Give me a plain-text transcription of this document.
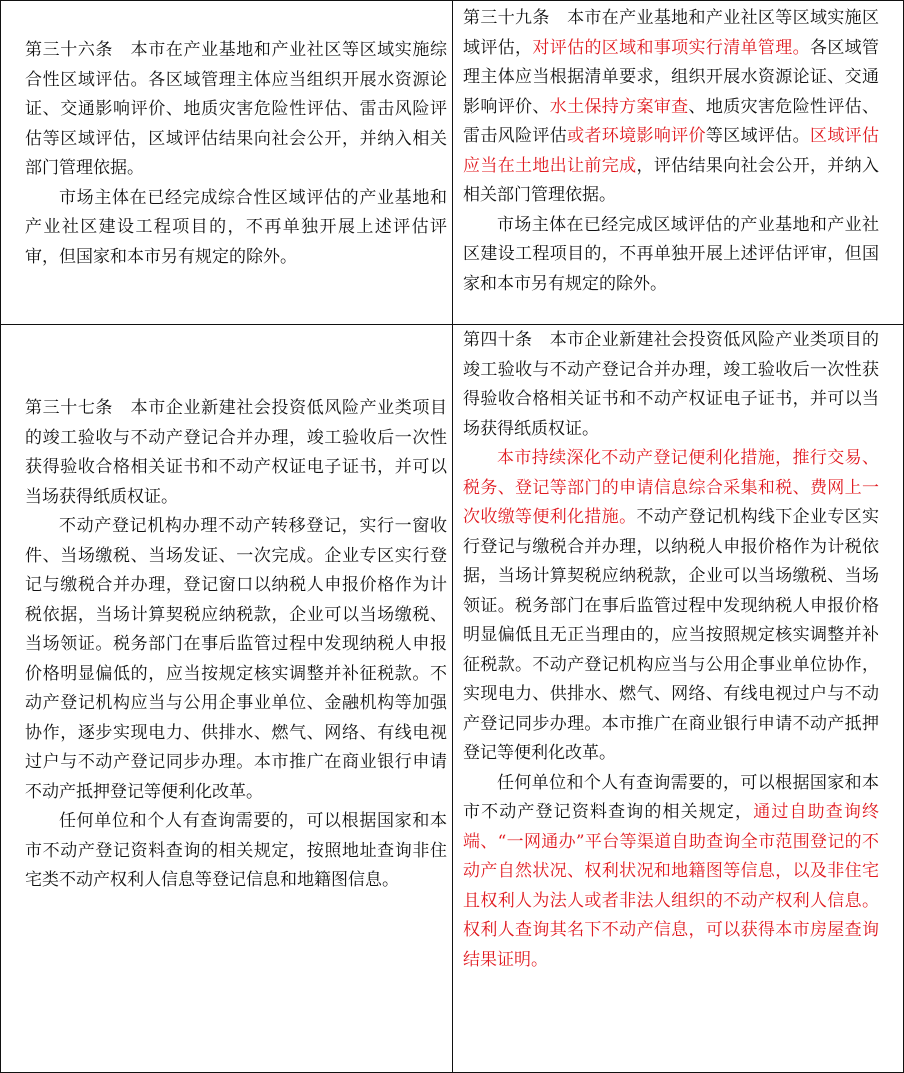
第三十六条　本市在产业基地和产业社区等区域实施综合性区域评估。各区域管理主体应当组织开展水资源论证、交通影响评价、地质灾害危险性评估、雷击风险评估等区域评估，区域评估结果向社会公开，并纳入相关部门管理依据。

市场主体在已经完成综合性区域评估的产业基地和产业社区建设工程项目的，不再单独开展上述评估评审，但国家和本市另有规定的除外。

第三十九条　本市在产业基地和产业社区等区域实施区域评估，对评估的区域和事项实行清单管理。各区域管理主体应当根据清单要求，组织开展水资源论证、交通影响评价、水土保持方案审查、地质灾害危险性评估、雷击风险评估或者环境影响评价等区域评估。区域评估应当在土地出让前完成，评估结果向社会公开，并纳入相关部门管理依据。

市场主体在已经完成区域评估的产业基地和产业社区建设工程项目的，不再单独开展上述评估评审，但国家和本市另有规定的除外。

第三十七条　本市企业新建社会投资低风险产业类项目的竣工验收与不动产登记合并办理，竣工验收后一次性获得验收合格相关证书和不动产权证电子证书，并可以当场获得纸质权证。

不动产登记机构办理不动产转移登记，实行一窗收件、当场缴税、当场发证、一次完成。企业专区实行登记与缴税合并办理，登记窗口以纳税人申报价格作为计税依据，当场计算契税应纳税款，企业可以当场缴税、当场领证。税务部门在事后监管过程中发现纳税人申报价格明显偏低的，应当按规定核实调整并补征税款。不动产登记机构应当与公用企事业单位、金融机构等加强协作，逐步实现电力、供排水、燃气、网络、有线电视过户与不动产登记同步办理。本市推广在商业银行申请不动产抵押登记等便利化改革。

任何单位和个人有查询需要的，可以根据国家和本市不动产登记资料查询的相关规定，按照地址查询非住宅类不动产权利人信息等登记信息和地籍图信息。

第四十条　本市企业新建社会投资低风险产业类项目的竣工验收与不动产登记合并办理，竣工验收后一次性获得验收合格相关证书和不动产权证电子证书，并可以当场获得纸质权证。

本市持续深化不动产登记便利化措施，推行交易、税务、登记等部门的申请信息综合采集和税、费网上一次收缴等便利化措施。不动产登记机构线下企业专区实行登记与缴税合并办理，以纳税人申报价格作为计税依据，当场计算契税应纳税款，企业可以当场缴税、当场领证。税务部门在事后监管过程中发现纳税人申报价格明显偏低且无正当理由的，应当按照规定核实调整并补征税款。不动产登记机构应当与公用企事业单位协作，实现电力、供排水、燃气、网络、有线电视过户与不动产登记同步办理。本市推广在商业银行申请不动产抵押登记等便利化改革。

任何单位和个人有查询需要的，可以根据国家和本市不动产登记资料查询的相关规定，通过自助查询终端、“一网通办”平台等渠道自助查询全市范围登记的不动产自然状况、权利状况和地籍图等信息，以及非住宅且权利人为法人或者非法人组织的不动产权利人信息。权利人查询其名下不动产信息，可以获得本市房屋查询结果证明。
